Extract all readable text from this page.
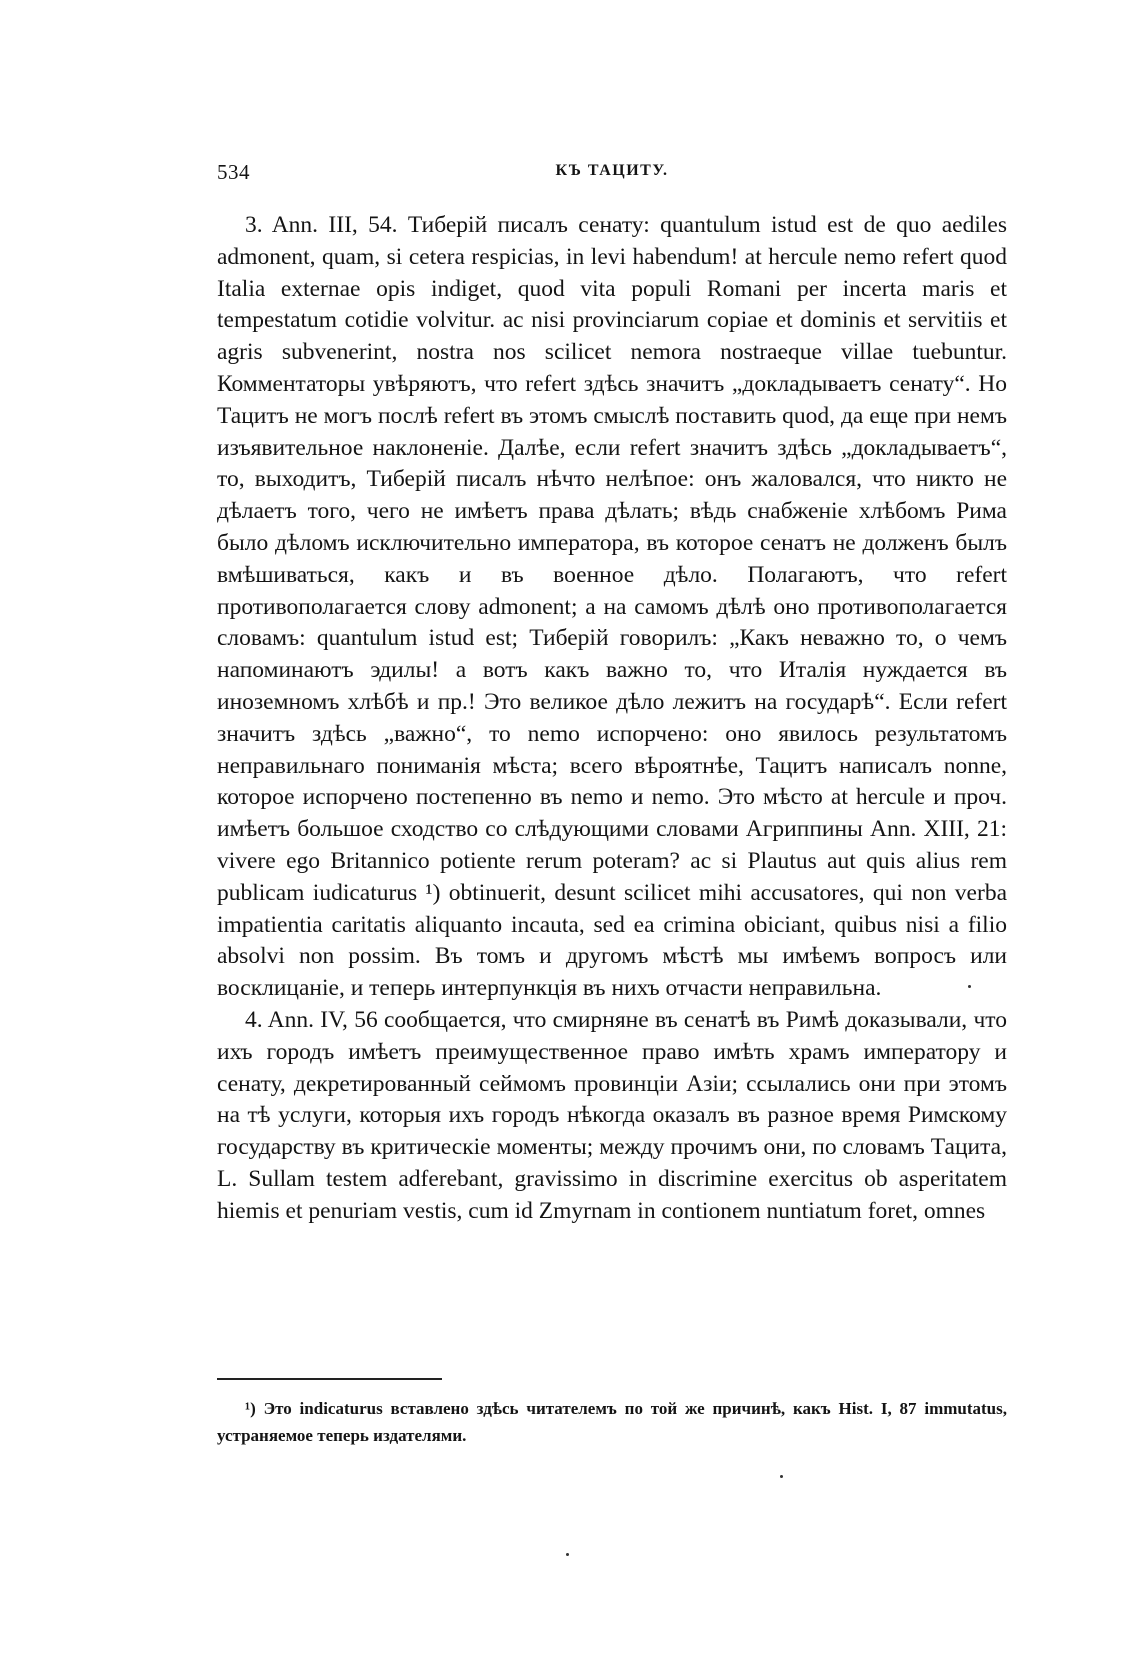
534	КЪ ТАЦИТУ.

3. Ann. III, 54. Тиберій писалъ сенату: quantulum istud est de quo aediles admonent, quam, si cetera respicias, in levi habendum! at hercule nemo refert quod Italia externae opis indiget, quod vita populi Romani per incerta maris et tempestatum cotidie volvitur. ac nisi provinciarum copiae et dominis et servitiis et agris subvenerint, nostra nos scilicet nemora nostraeque villae tuebuntur. Комментаторы увѣряютъ, что refert здѣсь значитъ „докладываетъ сенату“. Но Тацитъ не могъ послѣ refert въ этомъ смыслѣ поставить quod, да еще при немъ изъявительное наклоненіе. Далѣе, если refert значитъ здѣсь „докладываетъ“, то, выходитъ, Тиберій писалъ нѣчто нелѣпое: онъ жаловался, что никто не дѣлаетъ того, чего не имѣетъ права дѣлать; вѣдь снабженіе хлѣбомъ Рима было дѣломъ исключительно императора, въ которое сенатъ не долженъ былъ вмѣшиваться, какъ и въ военное дѣло. Полагаютъ, что refert противополагается слову admonent; а на самомъ дѣлѣ оно противополагается словамъ: quantulum istud est; Тиберій говорилъ: „Какъ неважно то, о чемъ напоминаютъ эдилы! а вотъ какъ важно то, что Италія нуждается въ иноземномъ хлѣбѣ и пр.! Это великое дѣло лежитъ на государѣ“. Если refert значитъ здѣсь „важно“, то nemo испорчено: оно явилось результатомъ неправильнаго пониманія мѣста; всего вѣроятнѣе, Тацитъ написалъ nonne, которое испорчено постепенно въ nemo и nemo. Это мѣсто at hercule и проч. имѣетъ большое сходство со слѣдующими словами Агриппины Ann. XIII, 21: vivere ego Britannico potiente rerum poteram? ac si Plautus aut quis alius rem publicam iudicaturus ¹) obtinuerit, desunt scilicet mihi accusatores, qui non verba impatientia caritatis aliquanto incauta, sed ea crimina obiciant, quibus nisi a filio absolvi non possim. Въ томъ и другомъ мѣстѣ мы имѣемъ вопросъ или восклицаніе, и теперь интерпункція въ нихъ отчасти неправильна.

4. Ann. IV, 56 сообщается, что смирняне въ сенатѣ въ Римѣ доказывали, что ихъ городъ имѣетъ преимущественное право имѣть храмъ императору и сенату, декретированный сеймомъ провинціи Азіи; ссылались они при этомъ на тѣ услуги, которыя ихъ городъ нѣкогда оказалъ въ разное время Римскому государству въ критическіе моменты; между прочимъ они, по словамъ Тацита, L. Sullam testem adferebant, gravissimo in discrimine exercitus ob asperitatem hiemis et penuriam vestis, cum id Zmyrnam in contionem nuntiatum foret, omnes

¹) Это indicaturus вставлено здѣсь читателемъ по той же причинѣ, какъ Hist. I, 87 immutatus, устраняемое теперь издателями.
